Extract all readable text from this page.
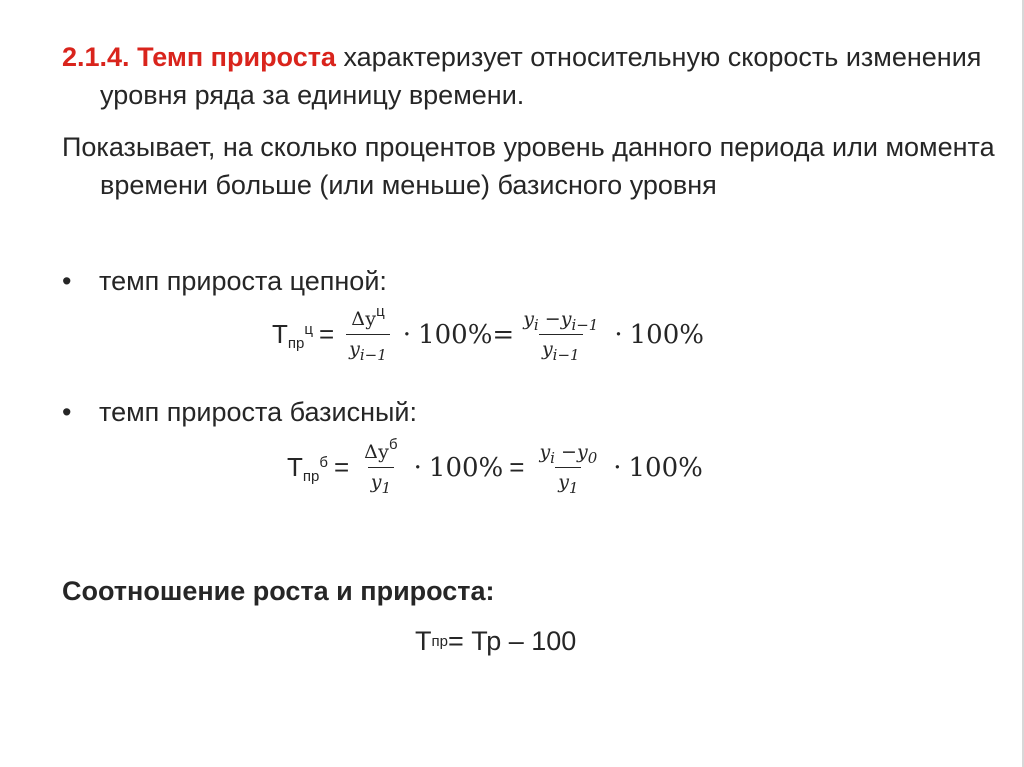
2.1.4. Темп прироста характеризует относительную скорость изменения уровня ряда за единицу времени.

Показывает, на сколько процентов уровень данного периода или момента времени больше (или меньше) базисного уровня

• темп прироста цепной:
$Т_{пр}^ц = \frac{\Delta у^ц}{y_{i-1}} \cdot 100\%= \frac{y_i -y_{i-1}}{y_{i-1}} \cdot 100\%$
• темп прироста базисный:
$Т_{пр}^б = \frac{\Delta у^б}{y_1} \cdot 100\% = \frac{y_i -y_0}{y_1} \cdot 100\%$

Соотношение роста и прироста:

Т пр = Тр – 100
